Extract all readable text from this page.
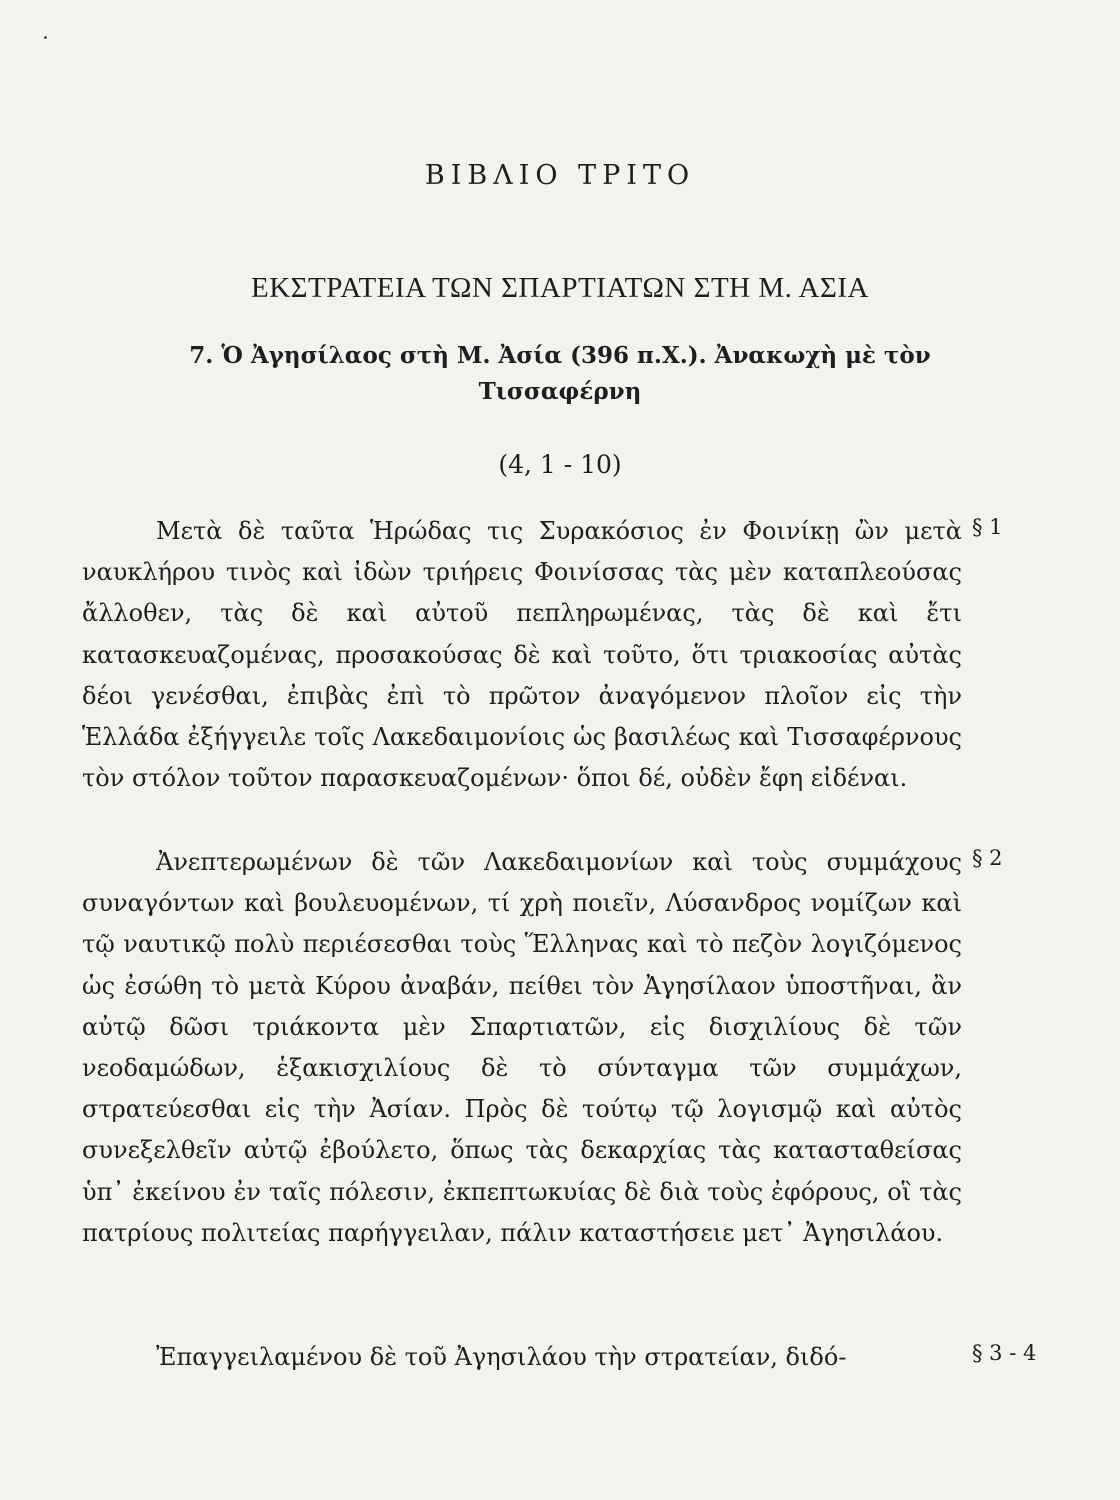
ΒΙΒΛΙΟ ΤΡΙΤΟ
ΕΚΣΤΡΑΤΕΙΑ ΤΩΝ ΣΠΑΡΤΙΑΤΩΝ ΣΤΗ Μ. ΑΣΙΑ
7. Ὁ Ἀγησίλαος στὴ Μ. Ἀσία (396 π.Χ.). Ἀνακωχὴ μὲ τὸν Τισσαφέρνη
(4, 1 - 10)
Μετὰ δὲ ταῦτα Ἡρώδας τις Συρακόσιος ἐν Φοινίκῃ ὢν μετὰ ναυκλήρου τινὸς καὶ ἰδὼν τριήρεις Φοινίσσας τὰς μὲν καταπλεούσας ἄλλοθεν, τὰς δὲ καὶ αὐτοῦ πεπληρωμένας, τὰς δὲ καὶ ἔτι κατασκευαζομένας, προσακούσας δὲ καὶ τοῦτο, ὅτι τριακοσίας αὐτὰς δέοι γενέσθαι, ἐπιβὰς ἐπὶ τὸ πρῶτον ἀναγόμενον πλοῖον εἰς τὴν Ἑλλάδα ἐξήγγειλε τοῖς Λακεδαιμονίοις ὡς βασιλέως καὶ Τισσαφέρνους τὸν στόλον τοῦτον παρασκευαζομένων· ὅποι δέ, οὐδὲν ἔφη εἰδέναι.
§ 1
Ἀνεπτερωμένων δὲ τῶν Λακεδαιμονίων καὶ τοὺς συμμάχους συναγόντων καὶ βουλευομένων, τί χρὴ ποιεῖν, Λύσανδρος νομίζων καὶ τῷ ναυτικῷ πολὺ περιέσεσθαι τοὺς Ἕλληνας καὶ τὸ πεζὸν λογιζόμενος ὡς ἐσώθη τὸ μετὰ Κύρου ἀναβάν, πείθει τὸν Ἀγησίλαον ὑποστῆναι, ἂν αὐτῷ δῶσι τριάκοντα μὲν Σπαρτιατῶν, εἰς δισχιλίους δὲ τῶν νεοδαμώδων, ἑξακισχιλίους δὲ τὸ σύνταγμα τῶν συμμάχων, στρατεύεσθαι εἰς τὴν Ἀσίαν. Πρὸς δὲ τούτῳ τῷ λογισμῷ καὶ αὐτὸς συνεξελθεῖν αὐτῷ ἐβούλετο, ὅπως τὰς δεκαρχίας τὰς κατασταθείσας ὑπ᾽ ἐκείνου ἐν ταῖς πόλεσιν, ἐκπεπτωκυίας δὲ διὰ τοὺς ἐφόρους, οἳ τὰς πατρίους πολιτείας παρήγγειλαν, πάλιν καταστήσειε μετ᾽ Ἀγησιλάου.
§ 2
Ἐπαγγειλαμένου δὲ τοῦ Ἀγησιλάου τὴν στρατείαν, διδό-	§ 3 - 4
